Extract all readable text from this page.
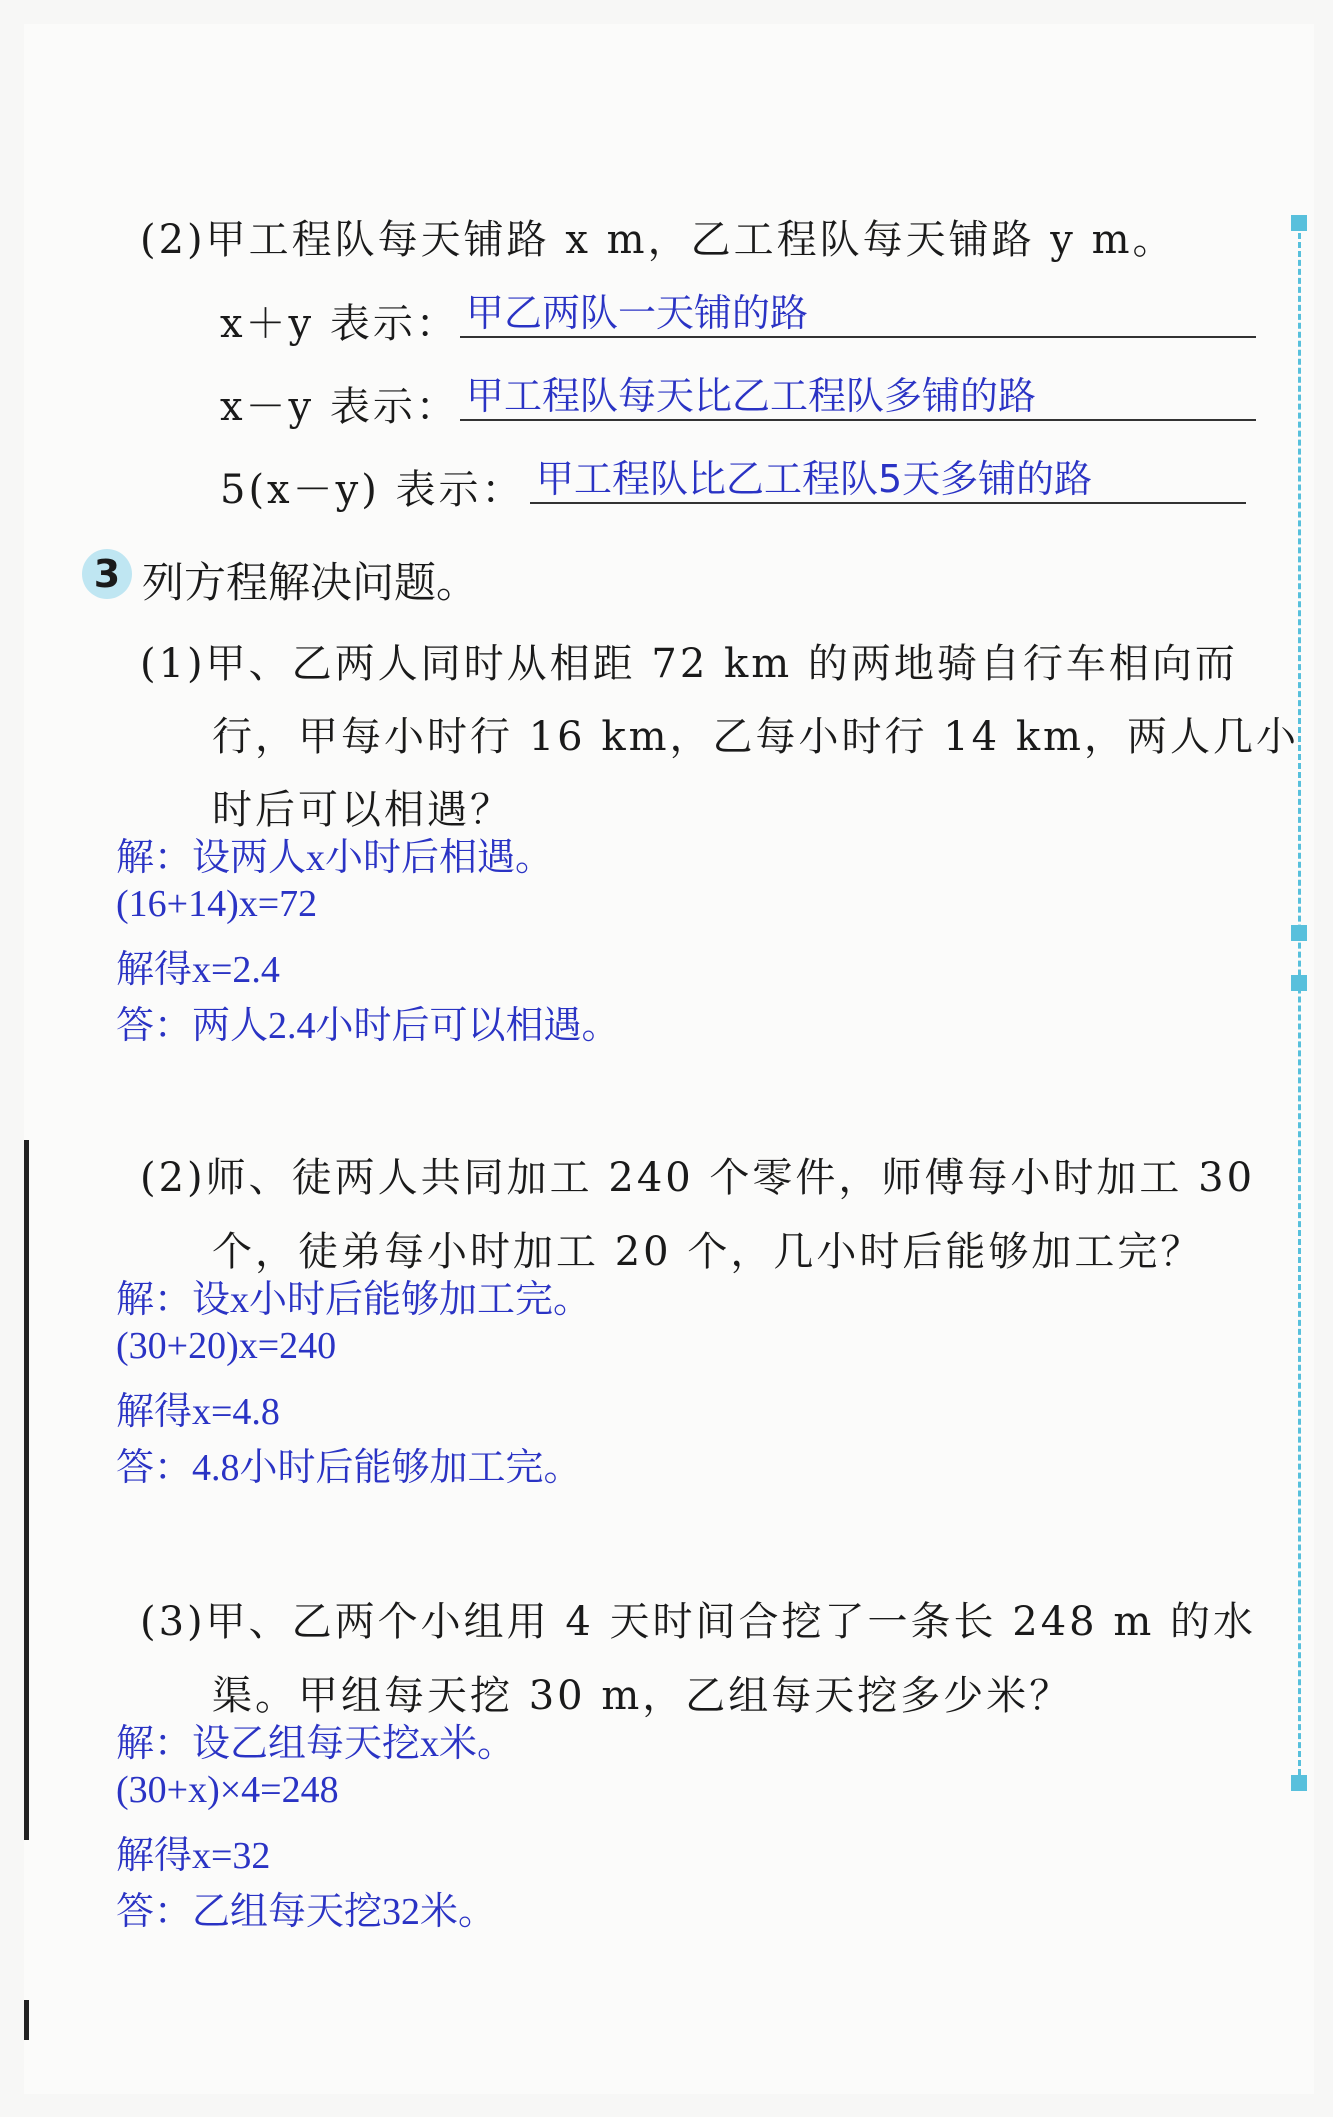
(2)甲工程队每天铺路 x m，乙工程队每天铺路 y m。
x＋y 表示： 甲乙两队一天铺的路
x－y 表示： 甲工程队每天比乙工程队多铺的路
5(x－y) 表示： 甲工程队比乙工程队5天多铺的路
3 列方程解决问题。
(1)甲、乙两人同时从相距 72 km 的两地骑自行车相向而
行，甲每小时行 16 km，乙每小时行 14 km，两人几小
时后可以相遇？
解：设两人x小时后相遇。
(16+14)x=72
解得x=2.4
答：两人2.4小时后可以相遇。
(2)师、徒两人共同加工 240 个零件，师傅每小时加工 30
个，徒弟每小时加工 20 个，几小时后能够加工完？
解：设x小时后能够加工完。
(30+20)x=240
解得x=4.8
答：4.8小时后能够加工完。
(3)甲、乙两个小组用 4 天时间合挖了一条长 248 m 的水
渠。甲组每天挖 30 m，乙组每天挖多少米？
解：设乙组每天挖x米。
(30+x)×4=248
解得x=32
答：乙组每天挖32米。
